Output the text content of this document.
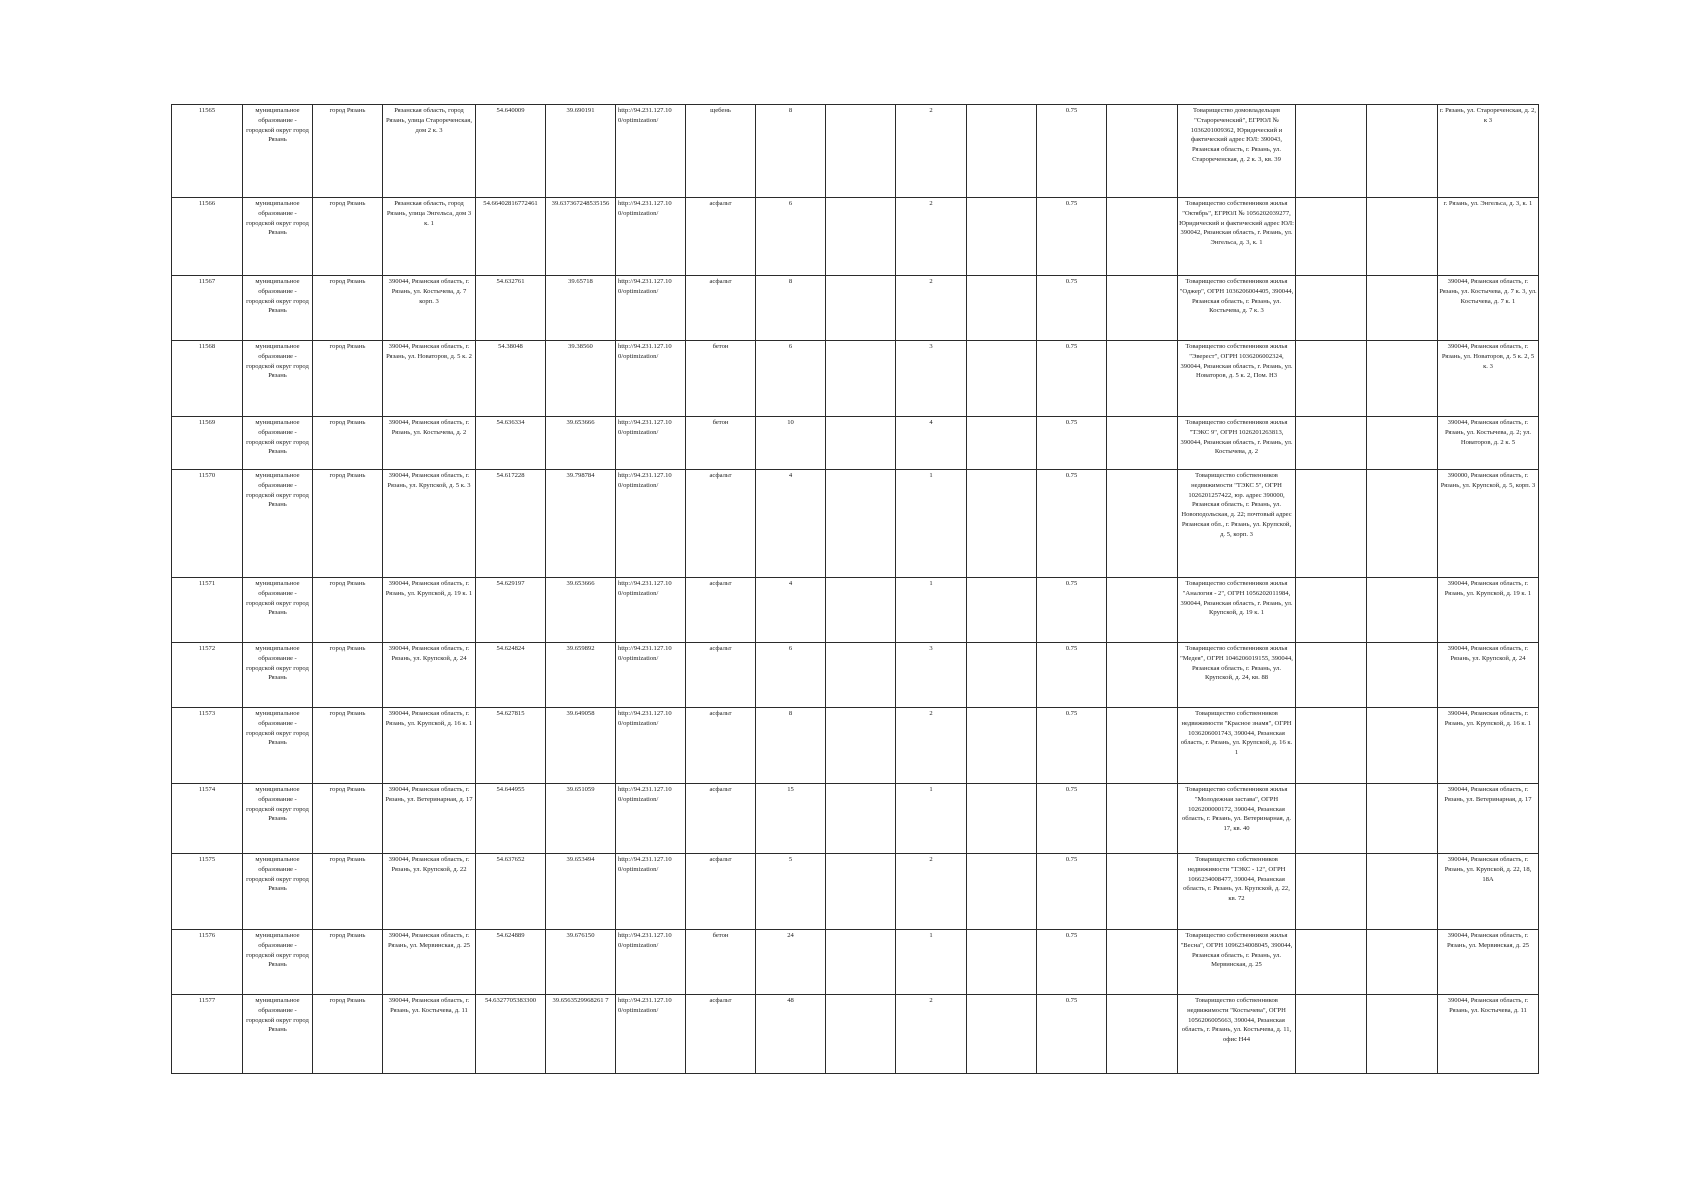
11565	муниципальное образование - городской округ город Рязань	город Рязань	Рязанская область, город Рязань, улица Старореченская, дом 2 к. 3	54.640009	39.690191	http://94.231.127.10 0/optimization/	щебень	8		2		0.75		Товарищество домовладельцев "Старореченский", ЕГРЮЛ № 1036201009362, Юридический и фактический адрес ЮЛ: 390043, Рязанская область, г. Рязань, ул. Старореченская, д. 2 к. 3, кв. 39			г. Рязань, ул. Старореченская, д. 2, к 3
11566	муниципальное образование - городской округ город Рязань	город Рязань	Рязанская область, город Рязань, улица Энгельса, дом 3 к. 1	54.66402816772461	39.637367248535156	http://94.231.127.10 0/optimization/	асфальт	6		2		0.75		Товарищество собственников жилья "Октябрь", ЕГРЮЛ № 1056202039277, Юридический и фактический адрес ЮЛ: 390042, Рязанская область, г. Рязань, ул. Энгельса, д. 3, к. 1			г. Рязань, ул. Энгельса, д. 3, к. 1
11567	муниципальное образование - городской округ город Рязань	город Рязань	390044, Рязанская область, г. Рязань, ул. Костычева, д. 7 корп. 3	54.632761	39.65718	http://94.231.127.10 0/optimization/	асфальт	8		2		0.75		Товарищество собственников жилья "Оджер", ОГРН 1036206004405, 390044, Рязанская область, г. Рязань, ул. Костычева, д. 7 к. 3			390044, Рязанская область, г. Рязань, ул. Костычева, д. 7 к. 3, ул. Костычева, д. 7 к. 1
11568	муниципальное образование - городской округ город Рязань	город Рязань	390044, Рязанская область, г. Рязань, ул. Новаторов, д. 5 к. 2	54.38048	39.38560	http://94.231.127.10 0/optimization/	бетон	6		3		0.75		Товарищество собственников жилья "Эверест", ОГРН 1036206002324, 390044, Рязанская область, г. Рязань, ул. Новаторов, д. 5 к. 2, Пом. Н3			390044, Рязанская область, г. Рязань, ул. Новаторов, д. 5 к. 2, 5 к. 3
11569	муниципальное образование - городской округ город Рязань	город Рязань	390044, Рязанская область, г. Рязань, ул. Костычева, д. 2	54.636334	39.653666	http://94.231.127.10 0/optimization/	бетон	10		4		0.75		Товарищество собственников жилья "ТЭКС 9", ОГРН 1026201263813, 390044, Рязанская область, г. Рязань, ул. Костычева, д. 2			390044, Рязанская область, г. Рязань, ул. Костычева, д. 2; ул. Новаторов, д. 2 к. 5
11570	муниципальное образование - городской округ город Рязань	город Рязань	390044, Рязанская область, г. Рязань, ул. Крупской, д. 5 к. 3	54.617228	39.798784	http://94.231.127.10 0/optimization/	асфальт	4		1		0.75		Товарищество собственников недвижимости "ТЭКС 5", ОГРН 1026201257422, юр. адрес 390000, Рязанская область, г. Рязань, ул. Новоподольская, д. 22; почтовый адрес Рязанская обл., г. Рязань, ул. Крупской, д. 5, корп. 3			390000, Рязанская область, г. Рязань, ул. Крупской, д. 5, корп. 3
11571	муниципальное образование - городской округ город Рязань	город Рязань	390044, Рязанская область, г. Рязань, ул. Крупской, д. 19 к. 1	54.629197	39.653666	http://94.231.127.10 0/optimization/	асфальт	4		1		0.75		Товарищество собственников жилья "Аналогия - 2", ОГРН 1056202011984, 390044, Рязанская область, г. Рязань, ул. Крупской, д. 19 к. 1			390044, Рязанская область, г. Рязань, ул. Крупской, д. 19 к. 1
11572	муниципальное образование - городской округ город Рязань	город Рязань	390044, Рязанская область, г. Рязань, ул. Крупской, д. 24	54.624824	39.659892	http://94.231.127.10 0/optimization/	асфальт	6		3		0.75		Товарищество собственников жилья "Медея", ОГРН 1046206019155, 390044, Рязанская область, г. Рязань, ул. Крупской, д. 24, кв. 88			390044, Рязанская область, г. Рязань, ул. Крупской, д. 24
11573	муниципальное образование - городской округ город Рязань	город Рязань	390044, Рязанская область, г. Рязань, ул. Крупской, д. 16 к. 1	54.627815	39.649058	http://94.231.127.10 0/optimization/	асфальт	8		2		0.75		Товарищество собственников недвижимости "Красное знамя", ОГРН 1036206001743, 390044, Рязанская область, г. Рязань, ул. Крупской, д. 16 к. 1			390044, Рязанская область, г. Рязань, ул. Крупской, д. 16 к. 1
11574	муниципальное образование - городской округ город Рязань	город Рязань	390044, Рязанская область, г. Рязань, ул. Ветеринарная, д. 17	54.644955	39.651059	http://94.231.127.10 0/optimization/	асфальт	15		1		0.75		Товарищество собственников жилья "Молодежная застава", ОГРН 1026200000172, 390044, Рязанская область, г. Рязань, ул. Ветеринарная, д. 17, кв. 40			390044, Рязанская область, г. Рязань, ул. Ветеринарная, д. 17
11575	муниципальное образование - городской округ город Рязань	город Рязань	390044, Рязанская область, г. Рязань, ул. Крупской, д. 22	54.637652	39.653494	http://94.231.127.10 0/optimization/	асфальт	5		2		0.75		Товарищество собственников недвижимости "ТЭКС - 12", ОГРН 1066234008477, 390044, Рязанская область, г. Рязань, ул. Крупской, д. 22, кв. 72			390044, Рязанская область, г. Рязань, ул. Крупской, д. 22, 18, 18А
11576	муниципальное образование - городской округ город Рязань	город Рязань	390044, Рязанская область, г. Рязань, ул. Мервинская, д. 25	54.624889	39.676150	http://94.231.127.10 0/optimization/	бетон	24		1		0.75		Товарищество собственников жилья "Весна", ОГРН 1096234008045, 390044, Рязанская область, г. Рязань, ул. Мервинская, д. 25			390044, Рязанская область, г. Рязань, ул. Мервинская, д. 25
11577	муниципальное образование - городской округ город Рязань	город Рязань	390044, Рязанская область, г. Рязань, ул. Костычева, д. 11	54.6327705383300	39.6563529968261 7	http://94.231.127.10 0/optimization/	асфальт	48		2		0.75		Товарищество собственников недвижимости "Костычева", ОГРН 1056206005663, 390044, Рязанская область, г. Рязань, ул. Костычева, д. 11, офис Н44			390044, Рязанская область, г. Рязань, ул. Костычева, д. 11
